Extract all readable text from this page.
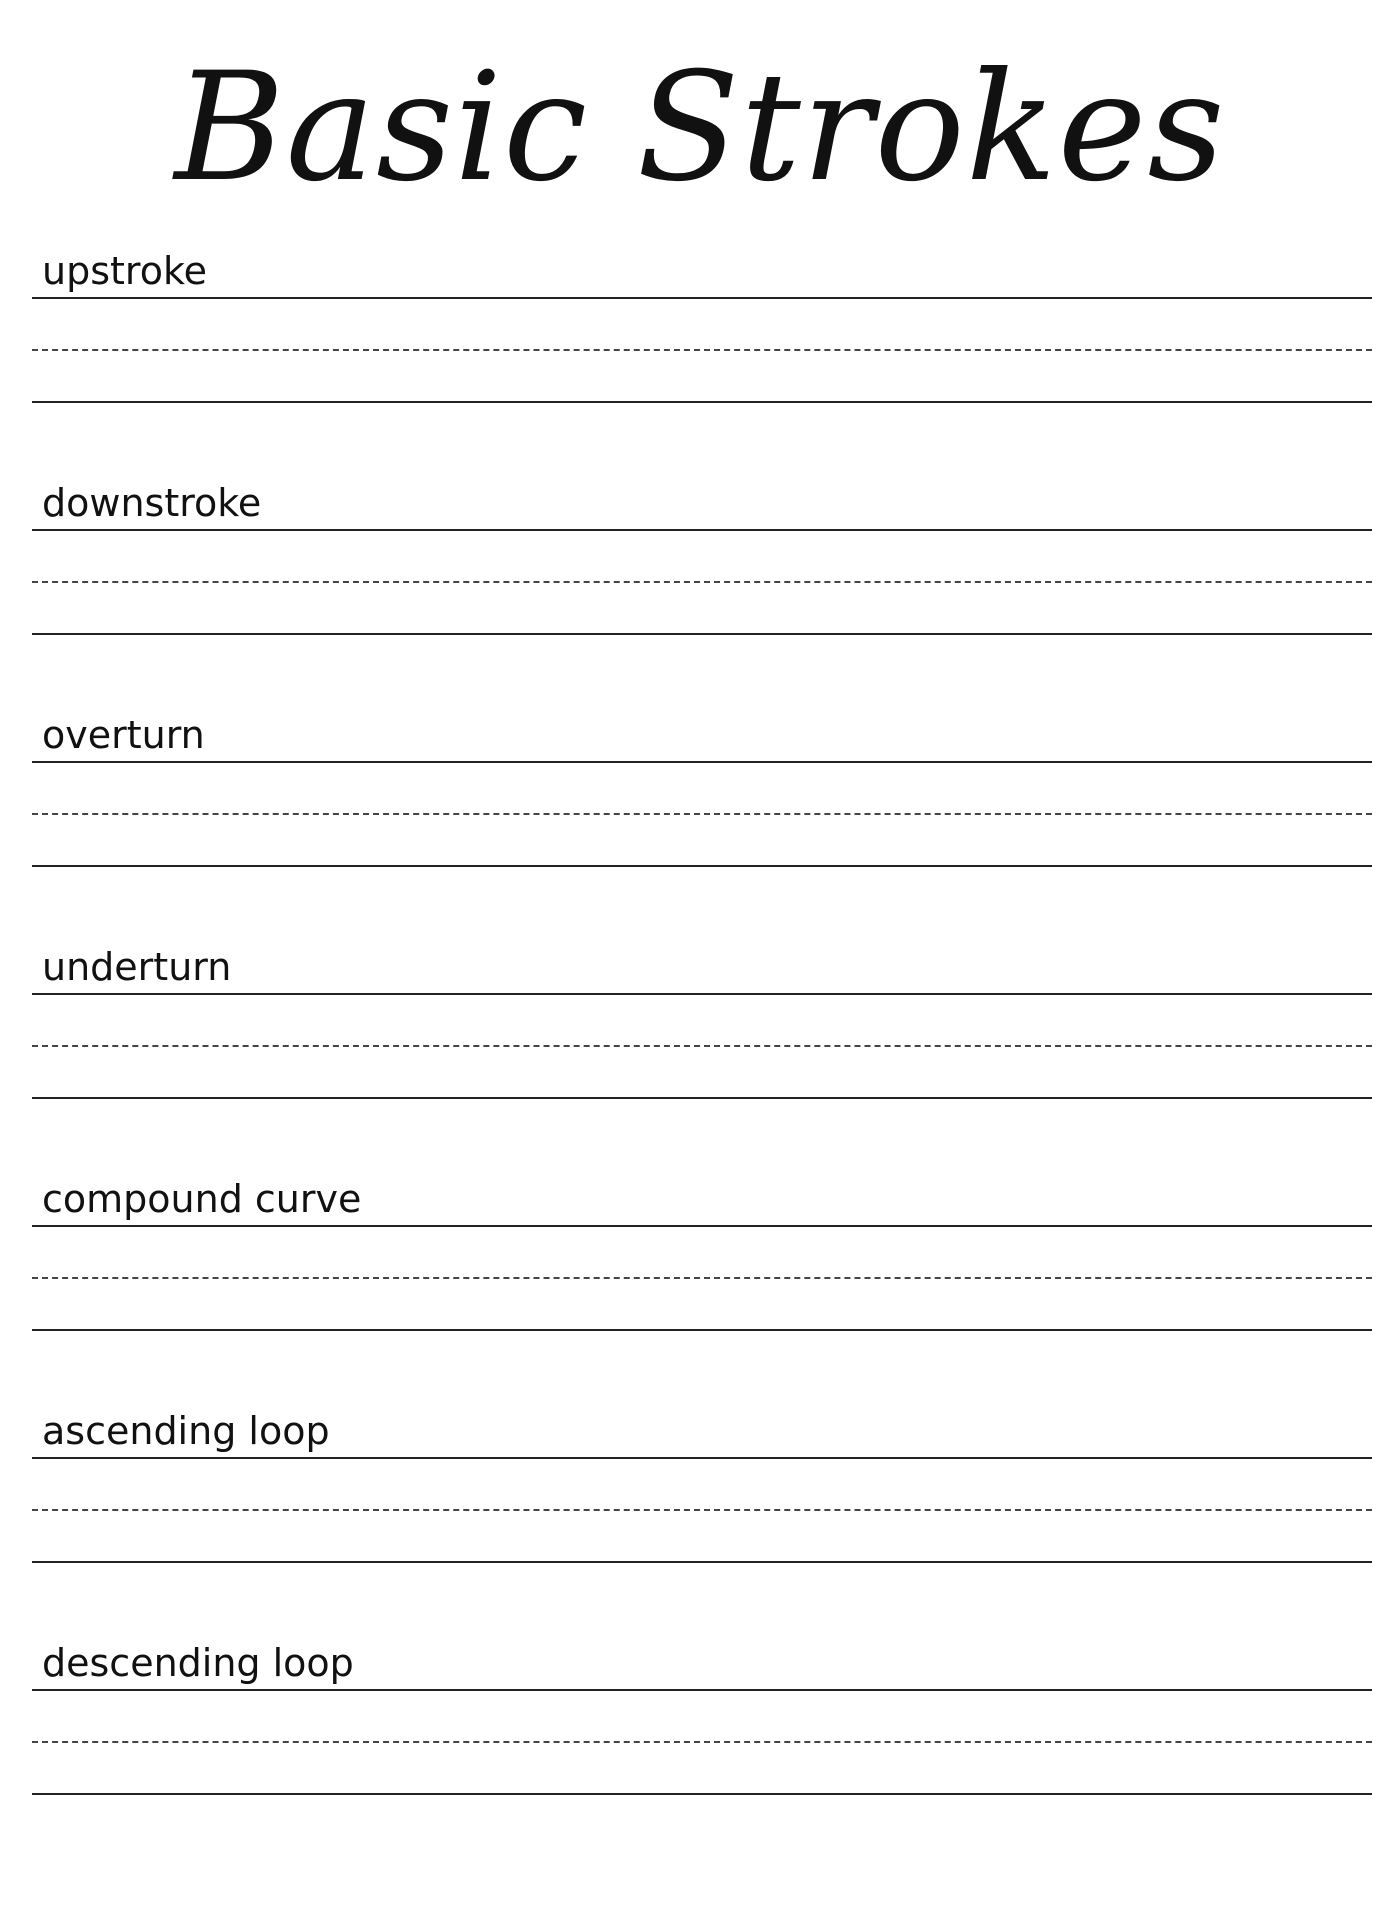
Basic Strokes
upstroke
downstroke
overturn
underturn
compound curve
ascending loop
descending loop
